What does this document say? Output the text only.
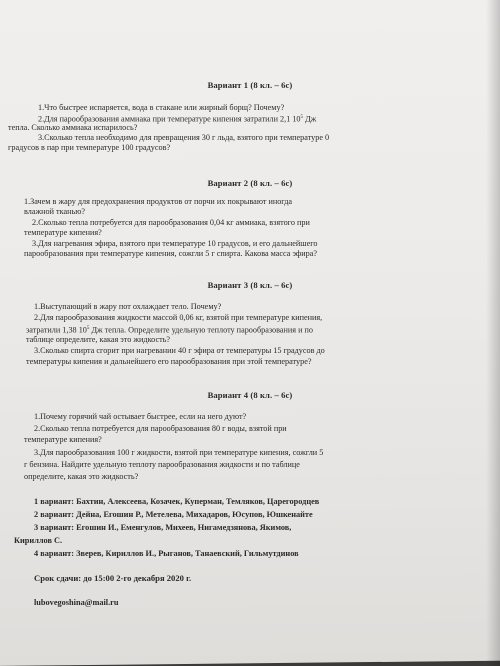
Вариант 1 (8 кл. – 6с)
1.Что быстрее испаряется, вода в стакане или жирный борщ? Почему?
2.Для парообразования аммиака при температуре кипения затратили 2,1 $10^5$ Дж
тепла. Сколько аммиака испарилось?
3.Сколько тепла необходимо для превращения 30 г льда, взятого при температуре 0
градусов в пар при температуре 100 градусов?
Вариант 2 (8 кл. – 6с)
1.Зачем в жару для предохранения продуктов от порчи их покрывают иногда
влажной тканью?
2.Сколько тепла потребуется для парообразования 0,04 кг аммиака, взятого при
температуре кипения?
3.Для нагревания эфира, взятого при температуре 10 градусов, и его дальнейшего
парообразования при температуре кипения, сожгли 5 г спирта. Какова масса эфира?
Вариант 3 (8 кл. – 6с)
1.Выступающий в жару пот охлаждает тело. Почему?
2.Для парообразования жидкости массой 0,06 кг, взятой при температуре кипения,
затратили 1,38 $10^5$ Дж тепла. Определите удельную теплоту парообразования и по
таблице определите, какая это жидкость?
3.Сколько спирта сгорит при нагревании 40 г эфира от температуры 15 градусов до
температуры кипения и дальнейшего его парообразования при этой температуре?
Вариант 4 (8 кл. – 6с)
1.Почему горячий чай остывает быстрее, если на него дуют?
2.Сколько тепла потребуется для парообразования 80 г воды, взятой при
температуре кипения?
3.Для парообразования 100 г жидкости, взятой при температуре кипения, сожгли 5
г бензина. Найдите удельную теплоту парообразования жидкости и по таблице
определите, какая это жидкость?
1 вариант: Бахтин, Алексеева, Козачек, Куперман, Темляков, Царегородцев
2 вариант: Дейна, Егошин Р., Метелева, Михадаров, Юсупов, Юшкенайте
3 вариант: Егошин И., Еменгулов, Михеев, Нигамедзянова, Якимов,
Кириллов С.
4 вариант: Зверев, Кириллов И., Рыганов, Танаевский, Гильмутдинов
Срок сдачи: до 15:00 2-го декабря 2020 г.
lubovegoshina@mail.ru
